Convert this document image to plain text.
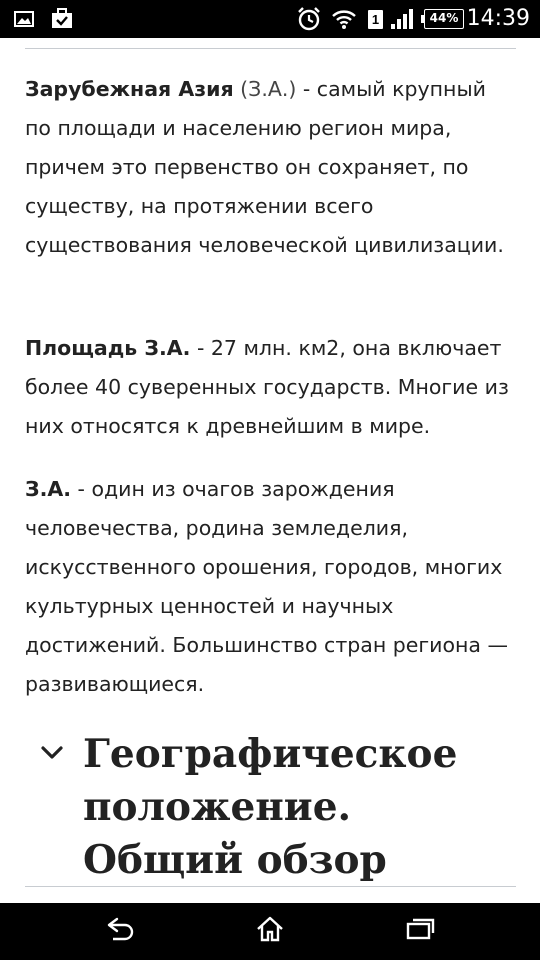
1	44% 14:39

Зарубежная Азия (З.А.) - самый крупный по площади и населению регион мира, причем это первенство он сохраняет, по существу, на протяжении всего существования человеческой цивилизации.

Площадь З.А. - 27 млн. км2, она включает более 40 суверенных государств. Многие из них относятся к древнейшим в мире.

З.А. - один из очагов зарождения человечества, родина земледелия, искусственного орошения, городов, многих культурных ценностей и научных достижений. Большинство стран региона — развивающиеся.

Географическое положение. Общий обзор
